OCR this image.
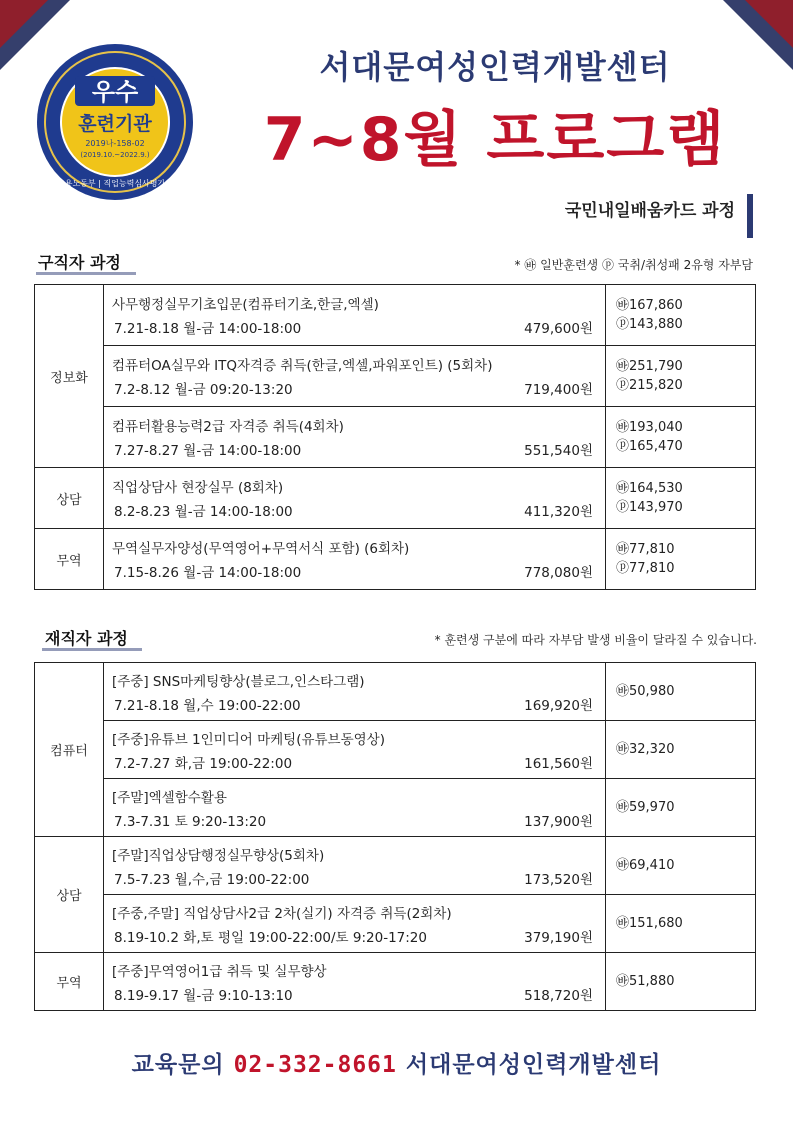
우수
훈련기관
2019나-158-02
(2019.10.~2022.9.)
고용노동부 | 직업능력심사평가원
서대문여성인력개발센터
7~8월 프로그램
국민내일배움카드 과정
구직자 과정	* ㉳ 일반훈련생 ⓟ 국취/취성패 2유형 자부담
정보화	사무행정실무기초입문(컴퓨터기초,한글,엑셀)
7.21-8.18 월-금 14:00-18:00 479,600원	㉳167,860
ⓟ143,880

	컴퓨터OA실무와 ITQ자격증 취득(한글,엑셀,파워포인트) (5회차)
7.2-8.12 월-금 09:20-13:20 719,400원	㉳251,790
ⓟ215,820

	컴퓨터활용능력2급 자격증 취득(4회차)
7.27-8.27 월-금 14:00-18:00 551,540원	㉳193,040
ⓟ165,470

상담	직업상담사 현장실무 (8회차)
8.2-8.23 월-금 14:00-18:00 411,320원	㉳164,530
ⓟ143,970

무역	무역실무자양성(무역영어+무역서식 포함) (6회차)
7.15-8.26 월-금 14:00-18:00 778,080원	㉳77,810
ⓟ77,810
재직자 과정	* 훈련생 구분에 따라 자부담 발생 비율이 달라질 수 있습니다.
컴퓨터	[주중] SNS마케팅향상(블로그,인스타그램)
7.21-8.18 월,수 19:00-22:00 169,920원	㉳50,980

	[주중]유튜브 1인미디어 마케팅(유튜브동영상)
7.2-7.27 화,금 19:00-22:00 161,560원	㉳32,320

	[주말]엑셀함수활용
7.3-7.31 토 9:20-13:20 137,900원	㉳59,970

상담	[주말]직업상담행정실무향상(5회차)
7.5-7.23 월,수,금 19:00-22:00 173,520원	㉳69,410

	[주중,주말] 직업상담사2급 2차(실기) 자격증 취득(2회차)
8.19-10.2 화,토 평일 19:00-22:00/토 9:20-17:20 379,190원	㉳151,680

무역	[주중]무역영어1급 취득 및 실무향상
8.19-9.17 월-금 9:10-13:10 518,720원	㉳51,880
교육문의 02-332-8661 서대문여성인력개발센터
